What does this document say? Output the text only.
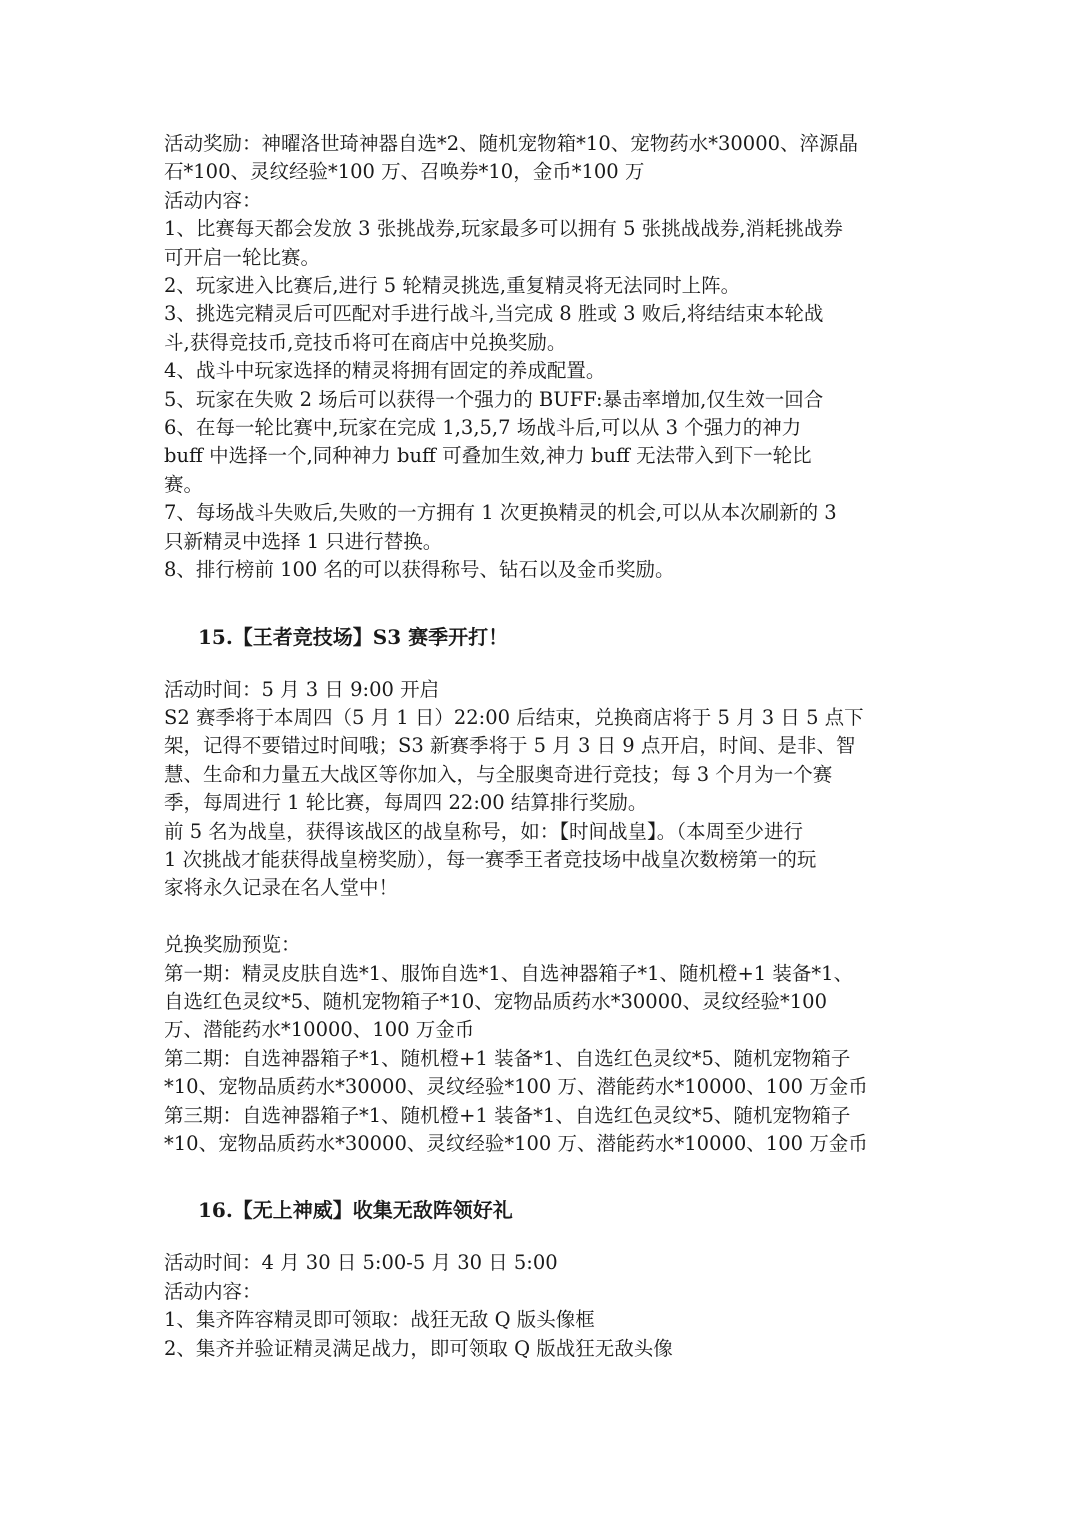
活动奖励：神曜洛世琦神器自选*2、随机宠物箱*10、宠物药水*30000、淬源晶

石*100、灵纹经验*100 万、召唤券*10，金币*100 万

活动内容：

1、比赛每天都会发放 3 张挑战券,玩家最多可以拥有 5 张挑战战券,消耗挑战券

可开启一轮比赛。

2、玩家进入比赛后,进行 5 轮精灵挑选,重复精灵将无法同时上阵。

3、挑选完精灵后可匹配对手进行战斗,当完成 8 胜或 3 败后,将结结束本轮战

斗,获得竞技币,竞技币将可在商店中兑换奖励。

4、战斗中玩家选择的精灵将拥有固定的养成配置。

5、玩家在失败 2 场后可以获得一个强力的 BUFF:暴击率增加,仅生效一回合

6、在每一轮比赛中,玩家在完成 1,3,5,7 场战斗后,可以从 3 个强力的神力

buff 中选择一个,同种神力 buff 可叠加生效,神力 buff 无法带入到下一轮比

赛。

7、每场战斗失败后,失败的一方拥有 1 次更换精灵的机会,可以从本次刷新的 3

只新精灵中选择 1 只进行替换。

8、排行榜前 100 名的可以获得称号、钻石以及金币奖励。

15.【王者竞技场】S3 赛季开打！

活动时间：5 月 3 日 9:00 开启

S2 赛季将于本周四（5 月 1 日）22:00 后结束，兑换商店将于 5 月 3 日 5 点下

架，记得不要错过时间哦；S3 新赛季将于 5 月 3 日 9 点开启，时间、是非、智

慧、生命和力量五大战区等你加入，与全服奥奇进行竞技；每 3 个月为一个赛

季，每周进行 1 轮比赛，每周四 22:00 结算排行奖励。

前 5 名为战皇，获得该战区的战皇称号，如：【时间战皇】。（本周至少进行

1 次挑战才能获得战皇榜奖励），每一赛季王者竞技场中战皇次数榜第一的玩

家将永久记录在名人堂中！

兑换奖励预览：

第一期：精灵皮肤自选*1、服饰自选*1、自选神器箱子*1、随机橙+1 装备*1、

自选红色灵纹*5、随机宠物箱子*10、宠物品质药水*30000、灵纹经验*100

万、潜能药水*10000、100 万金币

第二期：自选神器箱子*1、随机橙+1 装备*1、自选红色灵纹*5、随机宠物箱子

*10、宠物品质药水*30000、灵纹经验*100 万、潜能药水*10000、100 万金币

第三期：自选神器箱子*1、随机橙+1 装备*1、自选红色灵纹*5、随机宠物箱子

*10、宠物品质药水*30000、灵纹经验*100 万、潜能药水*10000、100 万金币

16.【无上神威】收集无敌阵领好礼

活动时间：4 月 30 日 5:00-5 月 30 日 5:00

活动内容：

1、集齐阵容精灵即可领取：战狂无敌 Q 版头像框

2、集齐并验证精灵满足战力，即可领取 Q 版战狂无敌头像
